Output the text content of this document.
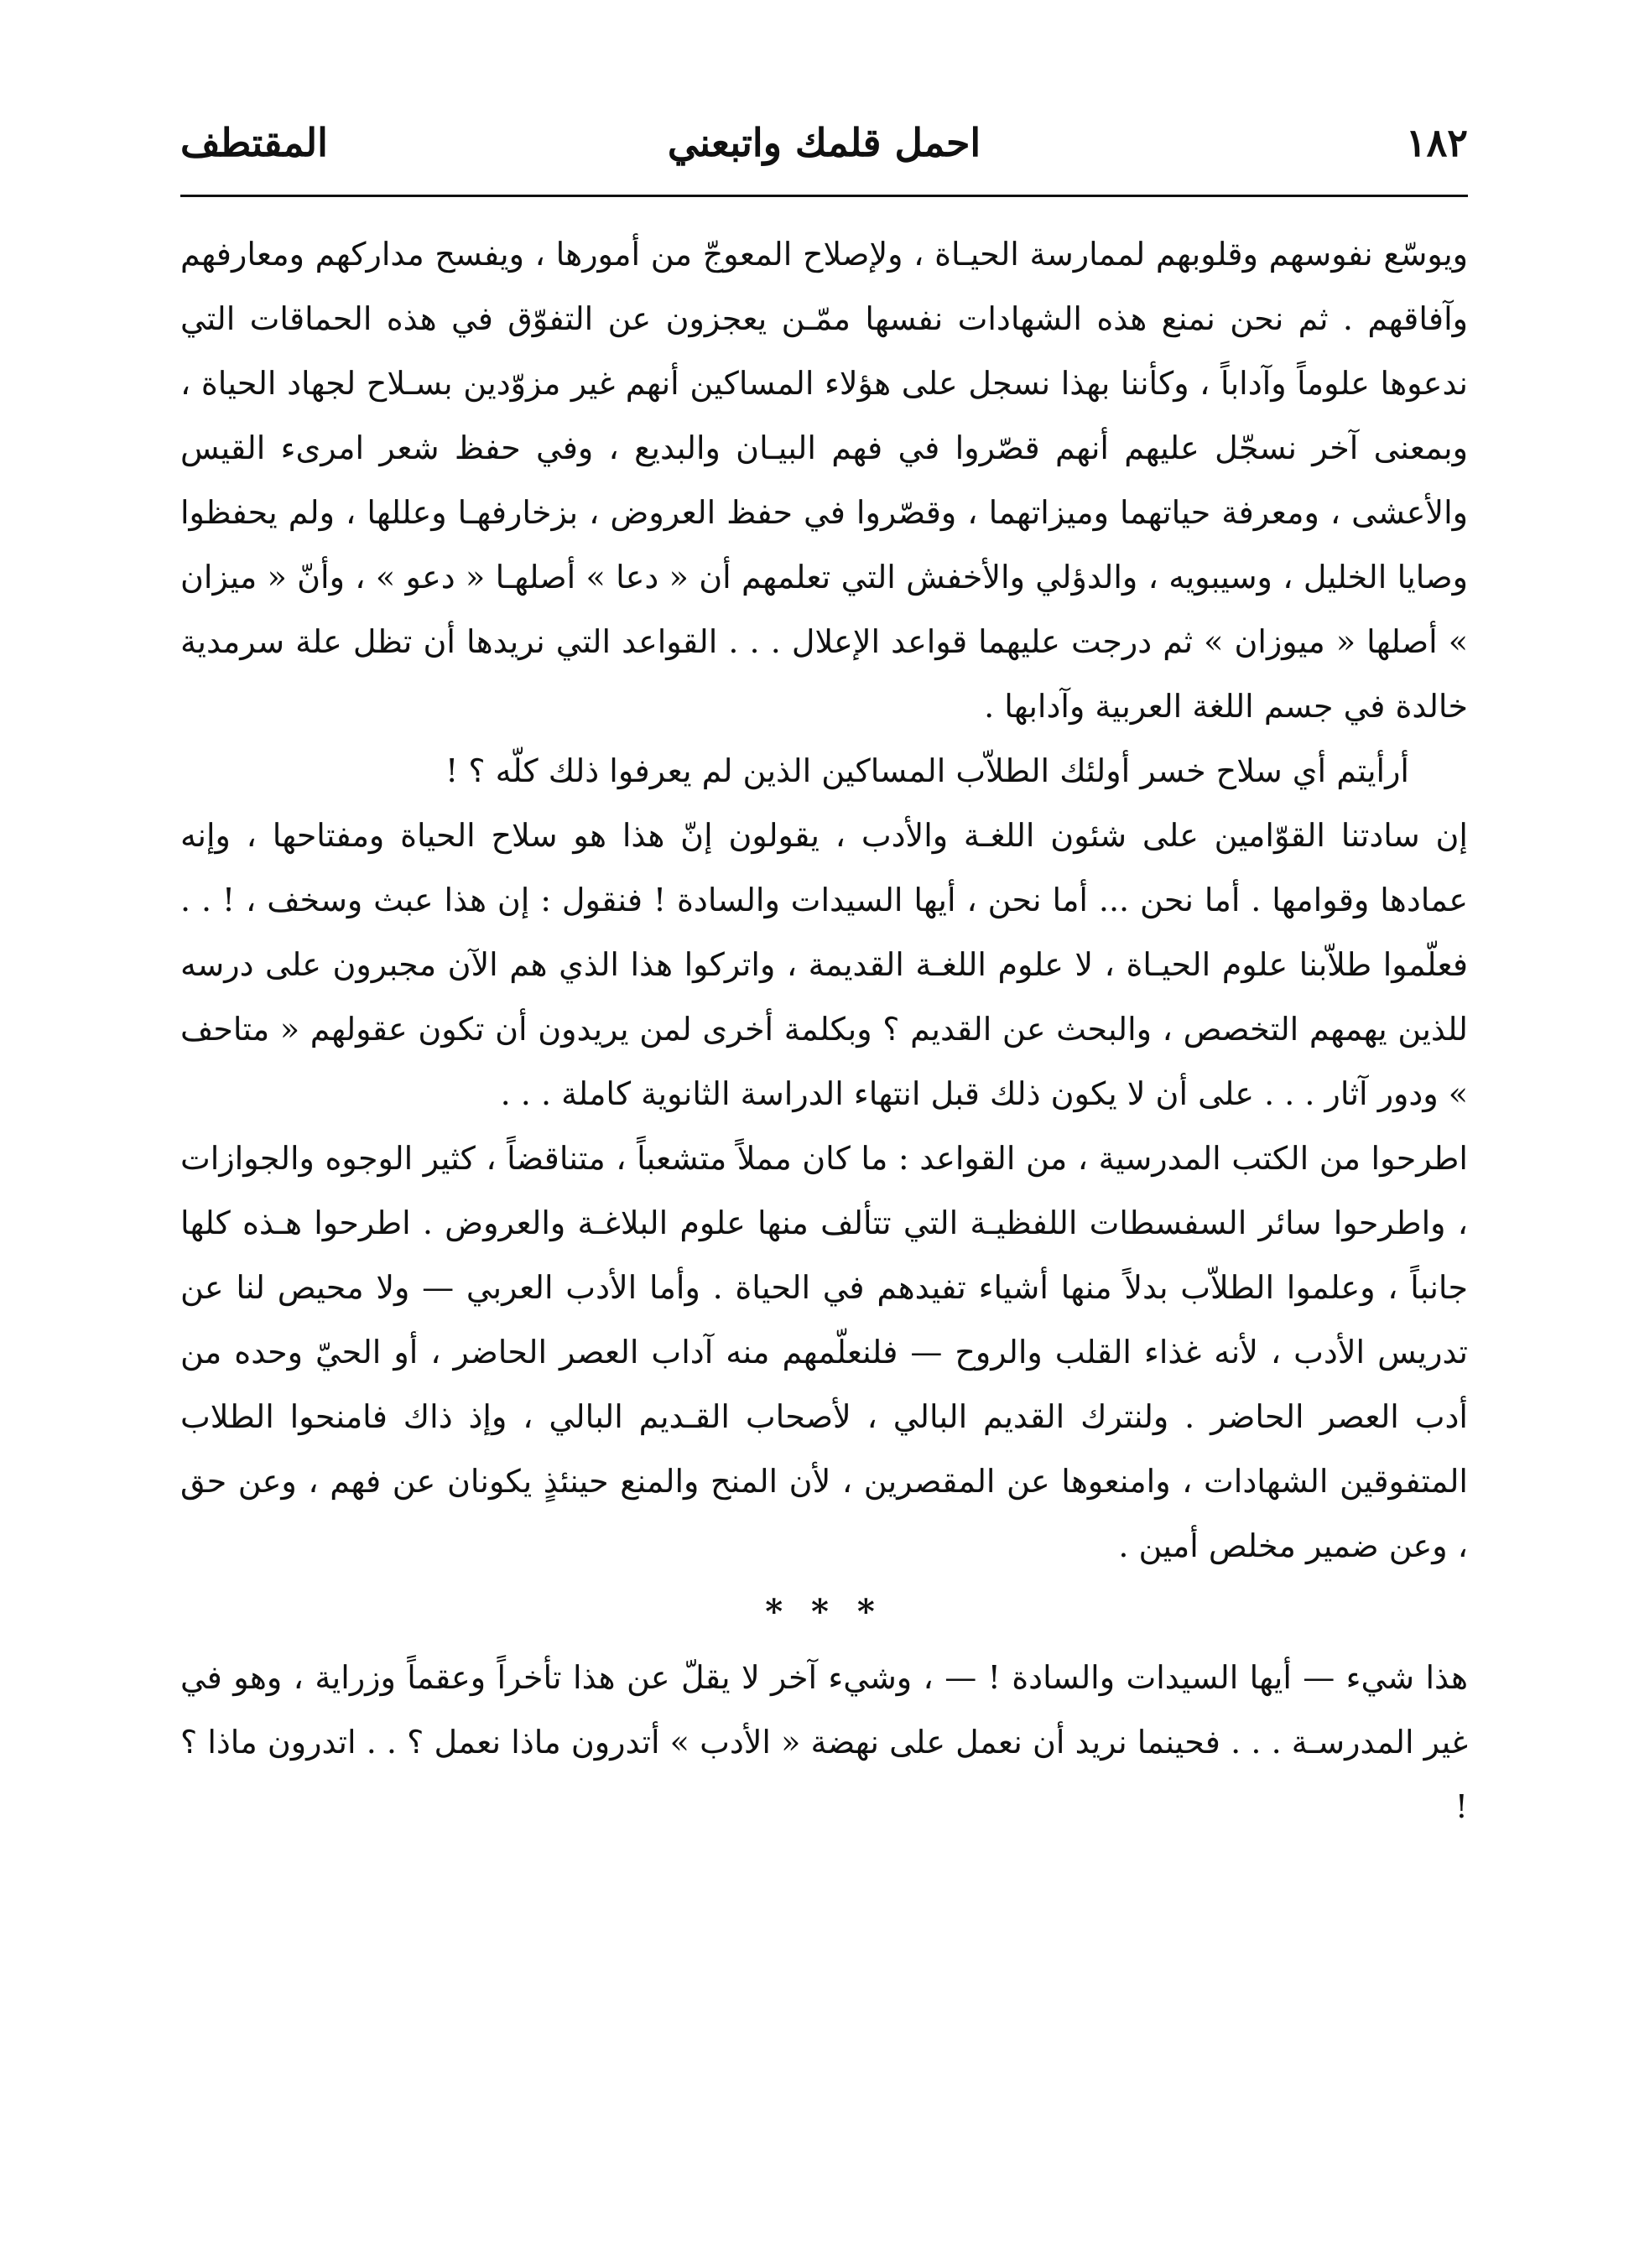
١٨٢
احمل قلمك واتبعني
المقتطف

ويوسّع نفوسهم وقلوبهم لممارسة الحيـاة ، ولإصلاح المعوجّ من أمورها ، ويفسح مداركهم ومعارفهم وآفاقهم . ثم نحن نمنع هذه الشهادات نفسها ممّـن يعجزون عن التفوّق في هذه الحماقات التي ندعوها علوماً وآداباً ، وكأننا بهذا نسجل على هؤلاء المساكين أنهم غير مزوّدين بسـلاح لجهاد الحياة ، وبمعنى آخر نسجّل عليهم أنهم قصّروا في فهم البيـان والبديع ، وفي حفظ شعر امرىء القيس والأعشى ، ومعرفة حياتهما وميزاتهما ، وقصّروا في حفظ العروض ، بزخارفهـا وعللها ، ولم يحفظوا وصايا الخليل ، وسيبويه ، والدؤلي والأخفش التي تعلمهم أن « دعا » أصلهـا « دعو » ، وأنّ « ميزان » أصلها « ميوزان » ثم درجت عليهما قواعد الإعلال . . . القواعد التي نريدها أن تظل علة سرمدية خالدة في جسم اللغة العربية وآدابها .

أرأيتم أي سلاح خسر أولئك الطلاّب المساكين الذين لم يعرفوا ذلك كلّه ؟ !

إن سادتنا القوّامين على شئون اللغـة والأدب ، يقولون إنّ هذا هو سلاح الحياة ومفتاحها ، وإنه عمادها وقوامها . أما نحن ... أما نحن ، أيها السيدات والسادة ! فنقول : إن هذا عبث وسخف ، ! . . فعلّموا طلاّبنا علوم الحيـاة ، لا علوم اللغـة القديمة ، واتركوا هذا الذي هم الآن مجبرون على درسه للذين يهمهم التخصص ، والبحث عن القديم ؟ وبكلمة أخرى لمن يريدون أن تكون عقولهم « متاحف » ودور آثار . . . على أن لا يكون ذلك قبل انتهاء الدراسة الثانوية كاملة . . .

اطرحوا من الكتب المدرسية ، من القواعد : ما كان مملاً متشعباً ، متناقضاً ، كثير الوجوه والجوازات ، واطرحوا سائر السفسطات اللفظيـة التي تتألف منها علوم البلاغـة والعروض . اطرحوا هـذه كلها جانباً ، وعلموا الطلاّب بدلاً منها أشياء تفيدهم في الحياة . وأما الأدب العربي — ولا محيص لنا عن تدريس الأدب ، لأنه غذاء القلب والروح — فلنعلّمهم منه آداب العصر الحاضر ، أو الحيّ وحده من أدب العصر الحاضر . ولنترك القديم البالي ، لأصحاب القـديم البالي ، وإذ ذاك فامنحوا الطلاب المتفوقين الشهادات ، وامنعوها عن المقصرين ، لأن المنح والمنع حينئذٍ يكونان عن فهم ، وعن حق ، وعن ضمير مخلص أمين .

* * *

هذا شيء — أيها السيدات والسادة ! — ، وشيء آخر لا يقلّ عن هذا تأخراً وعقماً وزراية ، وهو في غير المدرسـة . . . فحينما نريد أن نعمل على نهضة « الأدب » أتدرون ماذا نعمل ؟ . . اتدرون ماذا ؟ !
